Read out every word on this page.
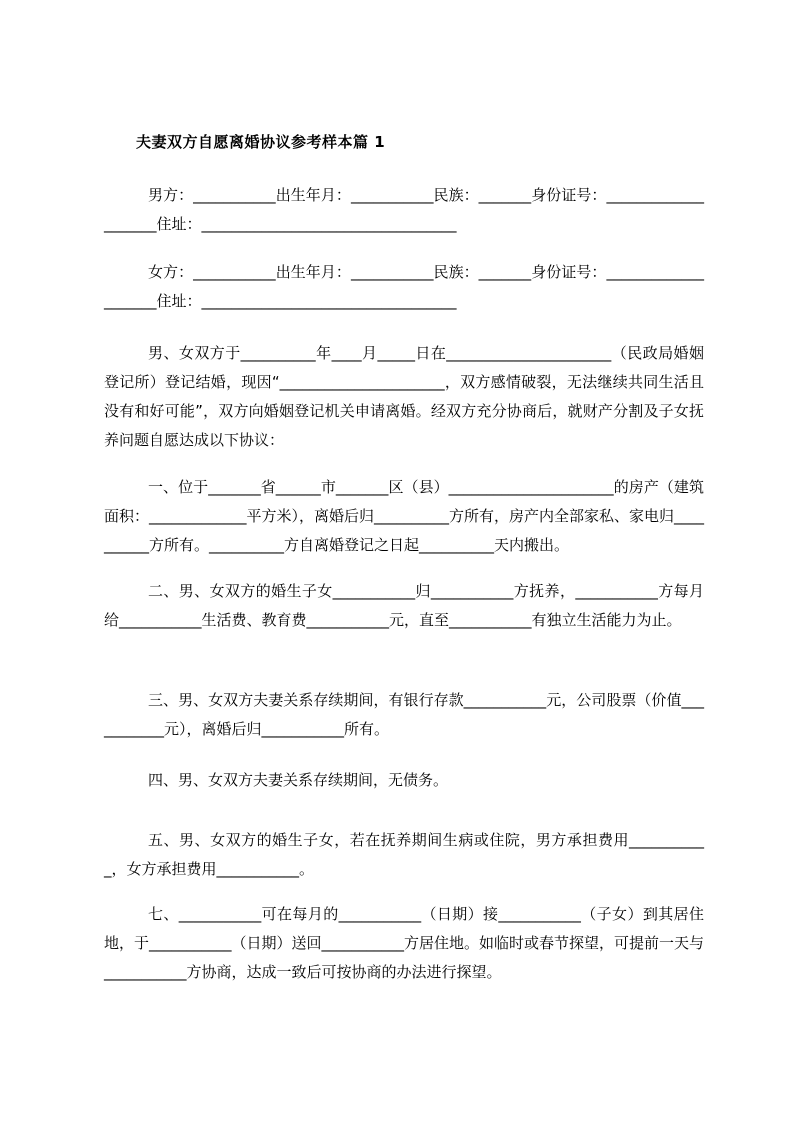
夫妻双方自愿离婚协议参考样本篇 1
男方：___________出生年月：___________民族：_______身份证号：____________________住址：__________________________________
女方：___________出生年月：___________民族：_______身份证号：____________________住址：__________________________________
男、女双方于__________年____月_____日在______________________（民政局婚姻登记所）登记结婚，现因“______________________，双方感情破裂，无法继续共同生活且没有和好可能”，双方向婚姻登记机关申请离婚。经双方充分协商后，就财产分割及子女抚养问题自愿达成以下协议：
一、位于_______省______市_______区（县）______________________的房产（建筑面积：_____________平方米），离婚后归__________方所有，房产内全部家私、家电归__________方所有。__________方自离婚登记之日起__________天内搬出。
二、男、女双方的婚生子女___________归___________方抚养，___________方每月给___________生活费、教育费___________元，直至___________有独立生活能力为止。
三、男、女双方夫妻关系存续期间，有银行存款___________元，公司股票（价值___________元），离婚后归___________所有。
四、男、女双方夫妻关系存续期间，无债务。
五、男、女双方的婚生子女，若在抚养期间生病或住院，男方承担费用___________，女方承担费用___________。
七、___________可在每月的___________（日期）接___________（子女）到其居住地，于___________（日期）送回___________方居住地。如临时或春节探望，可提前一天与___________方协商，达成一致后可按协商的办法进行探望。
